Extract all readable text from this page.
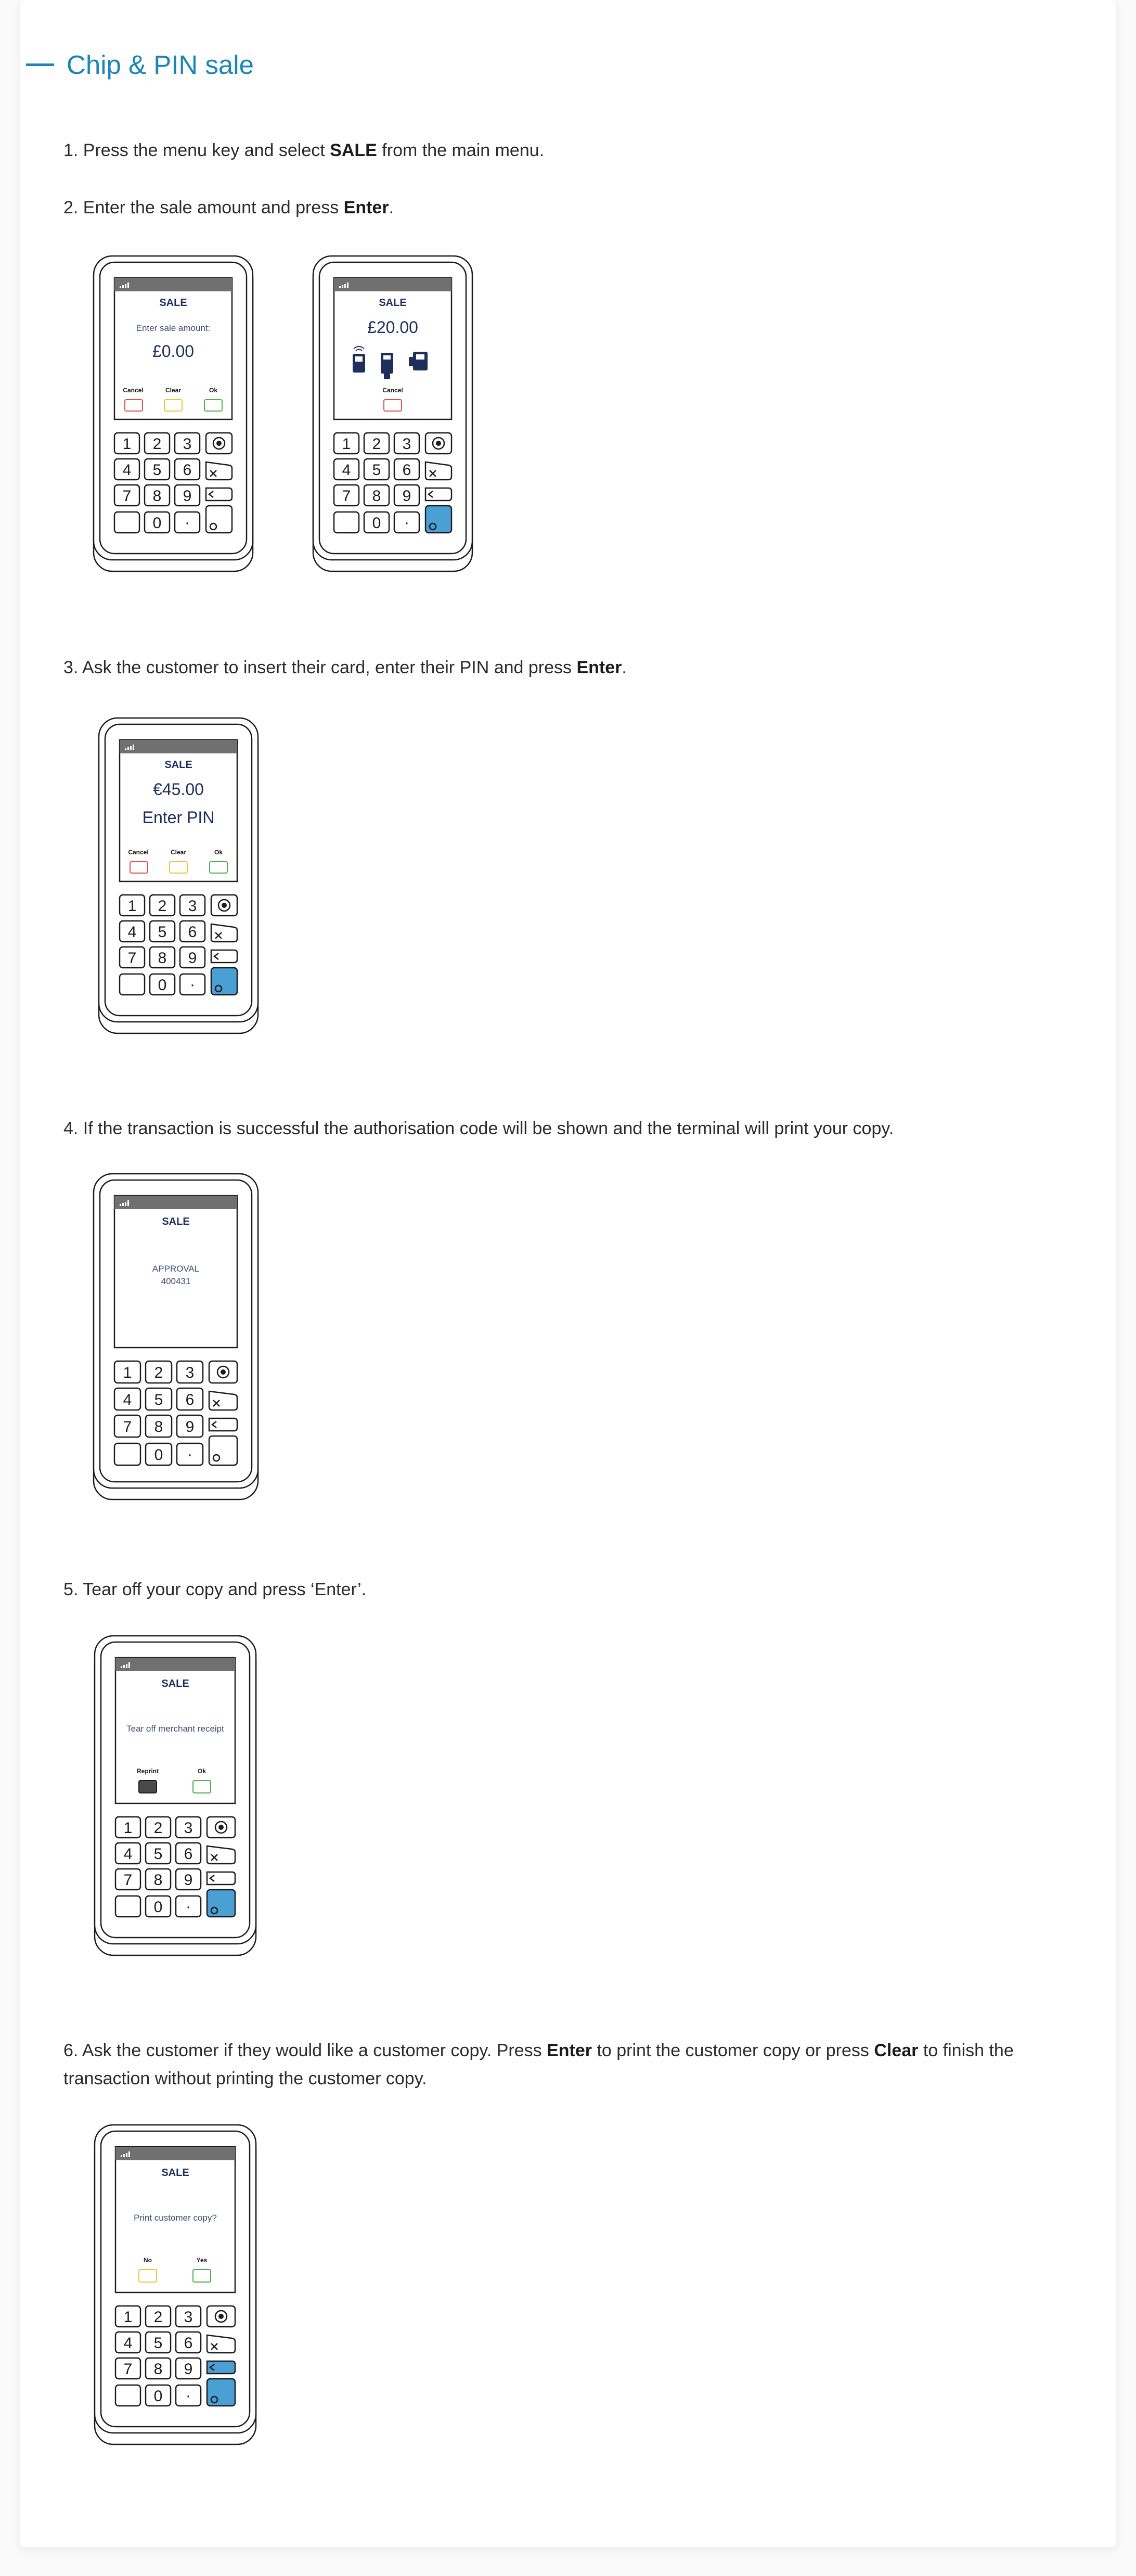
Chip & PIN sale

1. Press the menu key and select SALE from the main menu.

2. Enter the sale amount and press Enter.

SALE
Enter sale amount:
£0.00
Cancel	Clear	Ok
1 2 3
4 5 6
7 8 9
0 ·
SALE
£20.00
Cancel
1 2 3
4 5 6
7 8 9
0 ·

3. Ask the customer to insert their card, enter their PIN and press Enter.

SALE
€45.00
Enter PIN
Cancel	Clear	Ok
1 2 3
4 5 6
7 8 9
0 ·

4. If the transaction is successful the authorisation code will be shown and the terminal will print your copy.

SALE
APPROVAL
400431
1 2 3
4 5 6
7 8 9
0 ·

5. Tear off your copy and press ‘Enter’.

SALE
Tear off merchant receipt
Reprint	Ok
1 2 3
4 5 6
7 8 9
0 ·

6. Ask the customer if they would like a customer copy. Press Enter to print the customer copy or press Clear to finish the transaction without printing the customer copy.

SALE
Print customer copy?
No	Yes
1 2 3
4 5 6
7 8 9
0 ·
